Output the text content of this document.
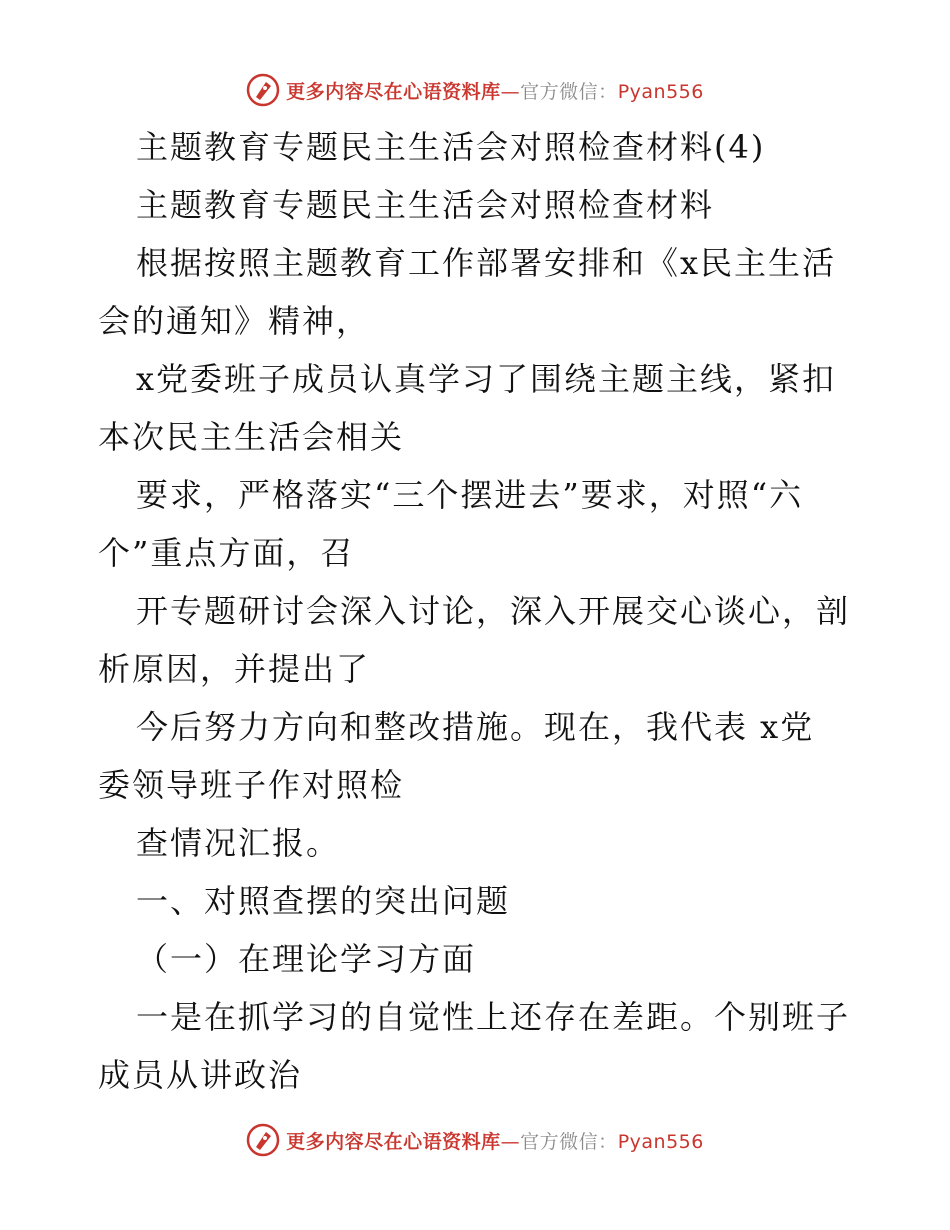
更多内容尽在心语资料库—官方微信：Pyan556
主题教育专题民主生活会对照检查材料(4)
主题教育专题民主生活会对照检查材料
根据按照主题教育工作部署安排和《x民主生活
会的通知》精神，
x党委班子成员认真学习了围绕主题主线，紧扣
本次民主生活会相关
要求，严格落实“三个摆进去”要求，对照“六
个”重点方面，召
开专题研讨会深入讨论，深入开展交心谈心，剖
析原因，并提出了
今后努力方向和整改措施。现在，我代表 x党
委领导班子作对照检
查情况汇报。
一、对照查摆的突出问题
（一）在理论学习方面
一是在抓学习的自觉性上还存在差距。个别班子
成员从讲政治
更多内容尽在心语资料库—官方微信：Pyan556
